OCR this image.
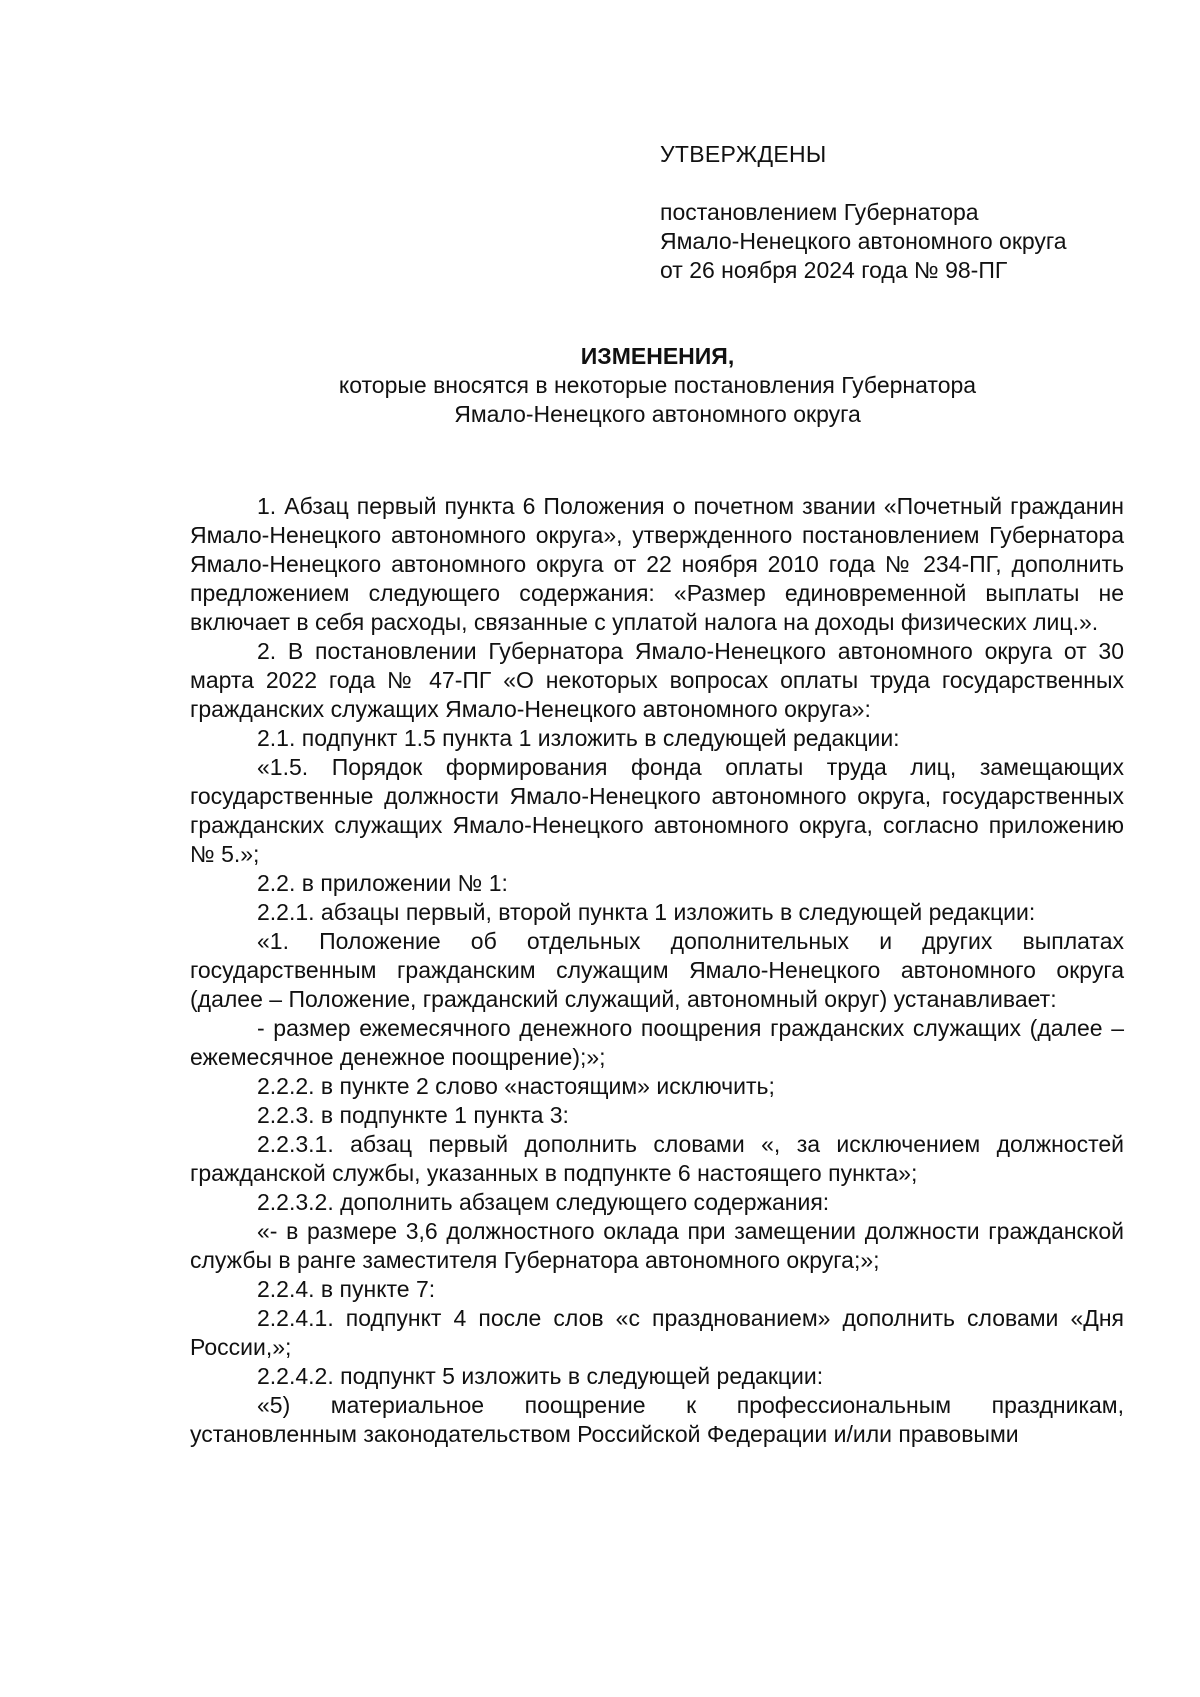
УТВЕРЖДЕНЫ
постановлением Губернатора
Ямало-Ненецкого автономного округа
от 26 ноября 2024 года № 98-ПГ
ИЗМЕНЕНИЯ,
которые вносятся в некоторые постановления Губернатора
Ямало-Ненецкого автономного округа

1. Абзац первый пункта 6 Положения о почетном звании «Почетный гражданин Ямало-Ненецкого автономного округа», утвержденного постановлением Губернатора Ямало-Ненецкого автономного округа от 22 ноября 2010 года № 234-ПГ, дополнить предложением следующего содержания: «Размер единовременной выплаты не включает в себя расходы, связанные с уплатой налога на доходы физических лиц.».

2. В постановлении Губернатора Ямало-Ненецкого автономного округа от 30 марта 2022 года № 47-ПГ «О некоторых вопросах оплаты труда государственных гражданских служащих Ямало-Ненецкого автономного округа»:

2.1. подпункт 1.5 пункта 1 изложить в следующей редакции:

«1.5. Порядок формирования фонда оплаты труда лиц, замещающих государственные должности Ямало-Ненецкого автономного округа, государственных гражданских служащих Ямало-Ненецкого автономного округа, согласно приложению № 5.»;

2.2. в приложении № 1:

2.2.1. абзацы первый, второй пункта 1 изложить в следующей редакции:

«1. Положение об отдельных дополнительных и других выплатах государственным гражданским служащим Ямало-Ненецкого автономного округа (далее – Положение, гражданский служащий, автономный округ) устанавливает:

- размер ежемесячного денежного поощрения гражданских служащих (далее – ежемесячное денежное поощрение);»;

2.2.2. в пункте 2 слово «настоящим» исключить;

2.2.3. в подпункте 1 пункта 3:

2.2.3.1. абзац первый дополнить словами «, за исключением должностей гражданской службы, указанных в подпункте 6 настоящего пункта»;

2.2.3.2. дополнить абзацем следующего содержания:

«- в размере 3,6 должностного оклада при замещении должности гражданской службы в ранге заместителя Губернатора автономного округа;»;

2.2.4. в пункте 7:

2.2.4.1. подпункт 4 после слов «с празднованием» дополнить словами «Дня России,»;

2.2.4.2. подпункт 5 изложить в следующей редакции:

«5) материальное поощрение к профессиональным праздникам, установленным законодательством Российской Федерации и/или правовыми
